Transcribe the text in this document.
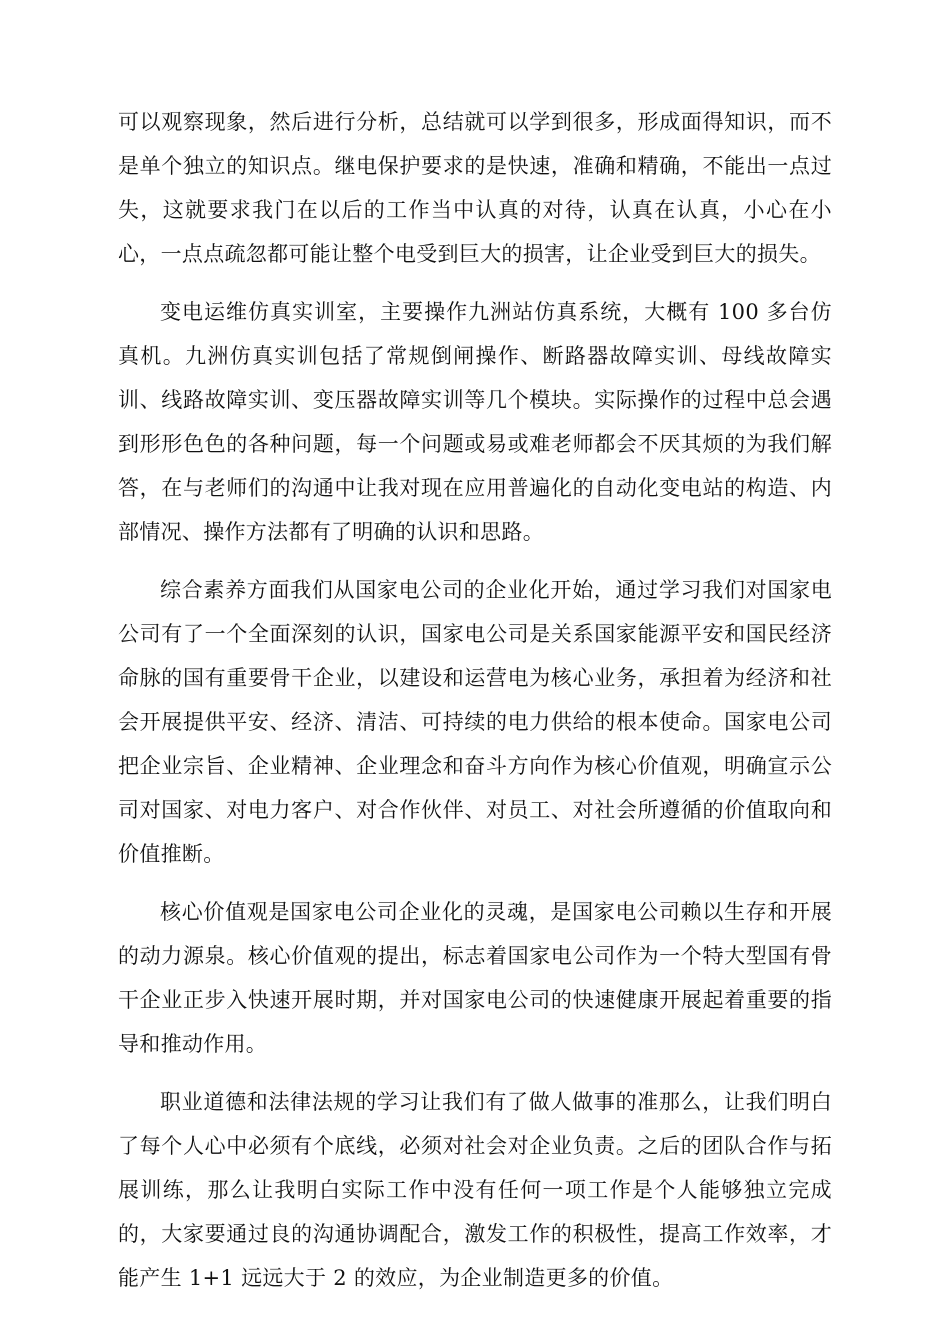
可以观察现象，然后进行分析，总结就可以学到很多，形成面得知识，而不是单个独立的知识点。继电保护要求的是快速，准确和精确，不能出一点过失，这就要求我门在以后的工作当中认真的对待，认真在认真，小心在小心，一点点疏忽都可能让整个电受到巨大的损害，让企业受到巨大的损失。

变电运维仿真实训室，主要操作九洲站仿真系统，大概有 100 多台仿真机。九洲仿真实训包括了常规倒闸操作、断路器故障实训、母线故障实训、线路故障实训、变压器故障实训等几个模块。实际操作的过程中总会遇到形形色色的各种问题，每一个问题或易或难老师都会不厌其烦的为我们解答，在与老师们的沟通中让我对现在应用普遍化的自动化变电站的构造、内部情况、操作方法都有了明确的认识和思路。

综合素养方面我们从国家电公司的企业化开始，通过学习我们对国家电公司有了一个全面深刻的认识，国家电公司是关系国家能源平安和国民经济命脉的国有重要骨干企业，以建设和运营电为核心业务，承担着为经济和社会开展提供平安、经济、清洁、可持续的电力供给的根本使命。国家电公司把企业宗旨、企业精神、企业理念和奋斗方向作为核心价值观，明确宣示公司对国家、对电力客户、对合作伙伴、对员工、对社会所遵循的价值取向和价值推断。

核心价值观是国家电公司企业化的灵魂，是国家电公司赖以生存和开展的动力源泉。核心价值观的提出，标志着国家电公司作为一个特大型国有骨干企业正步入快速开展时期，并对国家电公司的快速健康开展起着重要的指导和推动作用。

职业道德和法律法规的学习让我们有了做人做事的准那么，让我们明白了每个人心中必须有个底线，必须对社会对企业负责。之后的团队合作与拓展训练，那么让我明白实际工作中没有任何一项工作是个人能够独立完成的，大家要通过良的沟通协调配合，激发工作的积极性，提高工作效率，才能产生 1+1 远远大于 2 的效应，为企业制造更多的价值。
